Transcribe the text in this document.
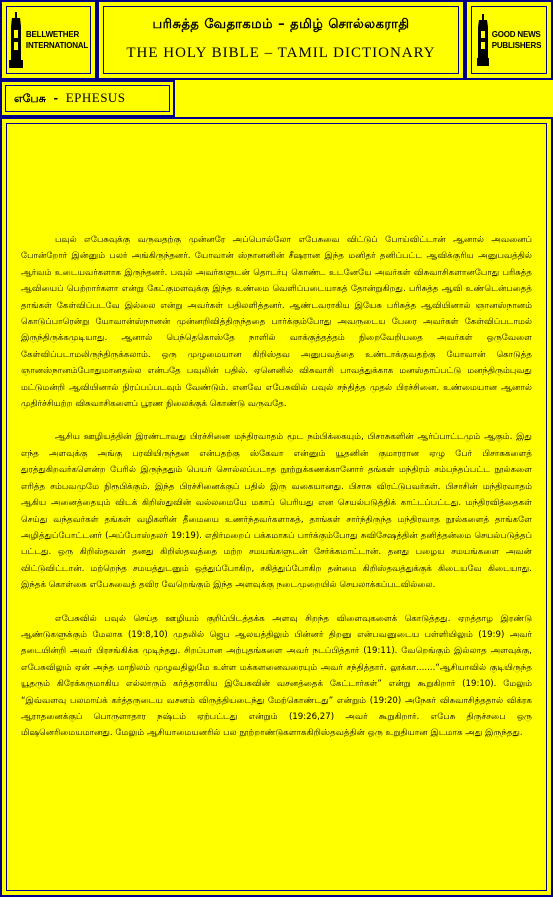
BELLWETHER
INTERNATIONAL
பரிசுத்த வேதாகமம் – தமிழ் சொல்லகராதி
THE HOLY BIBLE – TAMIL DICTIONARY
GOOD NEWS
PUBLISHERS
எபேசு - EPHESUS

பவுல் எபேசுவுக்கு வருவதற்கு முன்னரே அப்பொல்லோ எபேசுவை விட்டுப் போய்விட்டான் ஆனால் அவனைப் போன்றோர் இன்னும் பலர் அங்கிருந்தனர். யோவான் ஸ்நானனின் சீஷரான இந்த மனிதர் தனிப்பட்ட ஆவிக்குரிய அனுபவத்தில் ஆர்வம் உடையவர்களாக இருந்தனர். பவுல் அவர்களுடன் தொடர்பு கொண்ட உடனேயே அவர்கள் விசுவாசிகளானபோது பரிசுத்த ஆவியைப் பெற்றார்களா என்று கேட்குமளவுக்கு இந்த உண்மை வெளிப்படையாகத் தோன்றுகிறது. பரிசுத்த ஆவி உண்டென்பதைத் தாங்கள் கேள்விப்படவே இல்லை என்று அவர்கள் பதிலளித்தனர். ஆண்டவராகிய இயேசு பரிசுத்த ஆவியினால் ஞானஸ்நானம் கொடுப்பாரென்று யோவான்ஸ்நானன் முன்னறிவித்திருந்ததை பார்க்கும்போது அவருடைய பேரை அவர்கள் கேள்விப்படாமல் இருந்திருக்கமுடியாது. ஆனால் பெந்தெகொஸ்தே நாளில் வாக்குத்தத்தம் நிறைவேறியதை அவர்கள் ஒருவேளை கேள்விப்படாமலிருந்திருக்கலாம். ஒரு முழுமையான கிறிஸ்தவ அனுபவத்தை உண்டாக்குவதற்கு யோவான் கொடுத்த ஞானஸ்நானம்போதுமானதல்ல என்பதே பவுலின் பதில். ஏனெனில் விசுவாசி பாவத்துக்காக மனஸ்தாப்பட்டு மனந்திரும்புவது மட்டுமன்றி ஆவியினால் நிரப்பப்படவும் வேண்டும். எனவே எபேசுவில் பவுல் சந்தித்த முதல் பிரச்சினை. உண்மையான ஆனால் முதிர்ச்சியற்ற விசுவாசிகளைப் பூரண நிலைக்குக் கொண்டு வருவதே.

ஆசிய ஊழியத்தின் இரண்டாவது பிரச்சினை மந்திரவாதம் மூட நம்பிக்கையும், பிசாசுகளின் ஆர்ப்பாட்டமும் ஆகும். இது எந்த அளவுக்கு அங்கு பரவியிருந்தன என்பதற்கு ஸ்கேவா என்னும் யூதனின் குமாரரான ஏழு பேர் பிசாசுகளைத் துரத்துகிறவர்களென்ற பேரில் இருந்ததும் பெயர் சொல்லப்படாத நூற்றுக்கணக்கானோர் தங்கள் மந்திரம் சம்பந்தப்பட்ட நூல்களை எரித்த சம்பவமுமே நிரூபிக்கும். இந்த பிரச்சினைக்குப் பதில் இரு வகையானது. பிசாசு விரட்டுபவர்கள். பிசாசின் மந்திரவாதம் ஆகிய அனைத்தையும் விடக் கிறிஸ்துவின் வல்லமையே மகாப் பெரியது என செயல்படுத்திக் காட்டப்பட்டது. மந்திரவித்தைகள் செய்து வந்தவர்கள் தங்கள் வழிகளின் தீமையை உணர்ந்தவர்களாகத், தாங்கள் சார்ந்திருந்த மந்திரவாத நூல்களைத் தாங்களே அழித்துப்போட்டனர் (அப்போஸ்தலர் 19:19). எதிர்மறைப் பக்கமாகப் பார்க்கும்போது சுவிசேஷத்தின் தனித்தன்மை செயல்படுத்தப் பட்டது. ஒரு கிறிஸ்தவன் தனது கிறிஸ்தவத்தை மற்ற சமயங்களுடன் சேர்க்கமாட்டான். தனது பழைய சமயங்களை அவன் விட்டுவிட்டான். மற்றெந்த சமயத்துடனும் ஒத்துப்போகிற, சகித்துப்போகிற தன்மை கிறிஸ்தவத்துக்குக் கிடையவே கிடையாது. இந்தக் கொள்கை எபேசுவைத் தவிர வேறெங்கும் இந்த அளவுக்கு நடைமுறையில் செயலாக்கப்படவில்லை.

எபேசுவில் பவுல் செய்த ஊழியம் குறிப்பிடத்தக்க அளவு சிறந்த விளைவுகளைக் கொடுத்தது. ஏறத்தாழ இரண்டு ஆண்டுகளுக்கும் மேலாக (19:8,10) முதலில் ஜெப ஆலயத்திலும் பின்னர் திறனு என்பவனுடைய பள்ளியிலும் (19:9) அவர் தடையின்றி அவர் பிரசங்கிக்க முடிந்தது. சிறப்பான அற்புதங்களை அவர் நடப்பித்தார் (19:11). வேறெங்கும் இல்லாத அளவுக்கு, எபேசுவிலும் ஏன் அந்த மாநிலம் முழுவதிலுமே உள்ள மக்களனைவரையும் அவர் சந்தித்தார். லூக்கா.......“ஆசியாவில் குடியிருந்த யூதரும் கிரேக்கருமாகிய எல்லாரும் கர்த்தராகிய இயேசுவின் வசனத்தைக் கேட்டார்கள்” என்று கூறுகிறார் (19:10). மேலும் “இவ்வளவு பலமாய்க் கர்த்தருடைய வசனம் விருத்தியடைந்து மேற்கொண்டது” என்றும் (19:20) அநேகர் விசுவாசித்ததால் விக்ரக ஆராதனைக்குப் பொருளாதார நஷ்டம் ஏற்பட்டது என்றும் (19:26,27) அவர் கூறுகிறார். எபேசு திருச்சபை ஒரு மிஷனெரிமையமானது. மேலும் ஆசியாமையனரில் பல நூற்றாண்டுகளாககிறிஸ்தவத்தின் ஒரு உறுதியான இடமாக அது இருந்தது.
